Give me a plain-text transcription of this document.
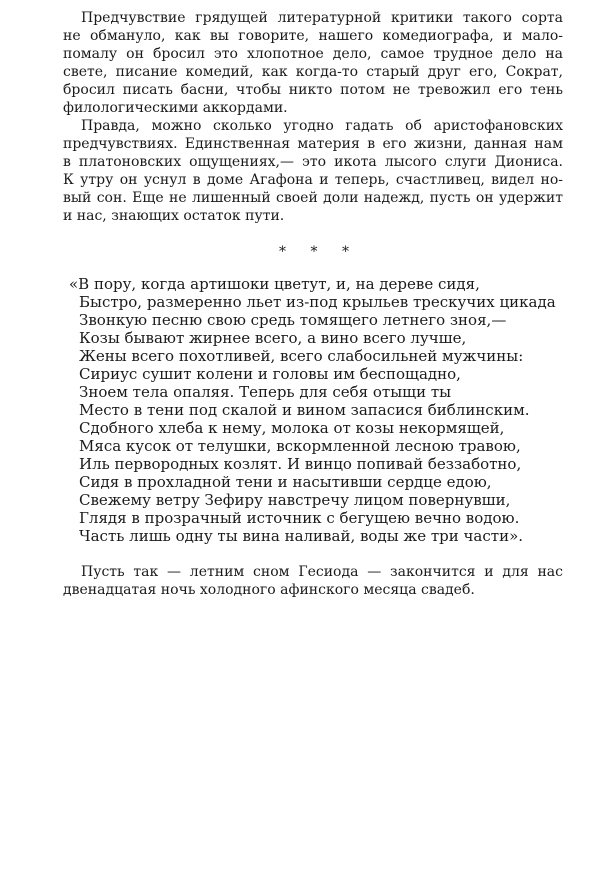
Предчувствие грядущей литературной критики такого сорта
не обмануло, как вы говорите, нашего комедиографа, и мало-
помалу он бросил это хлопотное дело, самое трудное дело на
свете, писание комедий, как когда-то старый друг его, Сократ,
бросил писать басни, чтобы никто потом не тревожил его тень
филологическими аккордами.

Правда, можно сколько угодно гадать об аристофановских
предчувствиях. Единственная материя в его жизни, данная нам
в платоновских ощущениях,— это икота лысого слуги Диониса.
К утру он уснул в доме Агафона и теперь, счастливец, видел но-
вый сон. Еще не лишенный своей доли надежд, пусть он удержит
и нас, знающих остаток пути.

* * *
«В пору, когда артишоки цветут, и, на дереве сидя,
Быстро, размеренно льет из-под крыльев трескучих цикада
Звонкую песню свою средь томящего летнего зноя,—
Козы бывают жирнее всего, а вино всего лучше,
Жены всего похотливей, всего слабосильней мужчины:
Сириус сушит колени и головы им беспощадно,
Зноем тела опаляя. Теперь для себя отыщи ты
Место в тени под скалой и вином запасися библинским.
Сдобного хлеба к нему, молока от козы некормящей,
Мяса кусок от телушки, вскормленной лесною травою,
Иль первородных козлят. И винцо попивай беззаботно,
Сидя в прохладной тени и насытивши сердце едою,
Свежему ветру Зефиру навстречу лицом повернувши,
Глядя в прозрачный источник с бегущею вечно водою.
Часть лишь одну ты вина наливай, воды же три части».

Пусть так — летним сном Гесиода — закончится и для нас
двенадцатая ночь холодного афинского месяца свадеб.
